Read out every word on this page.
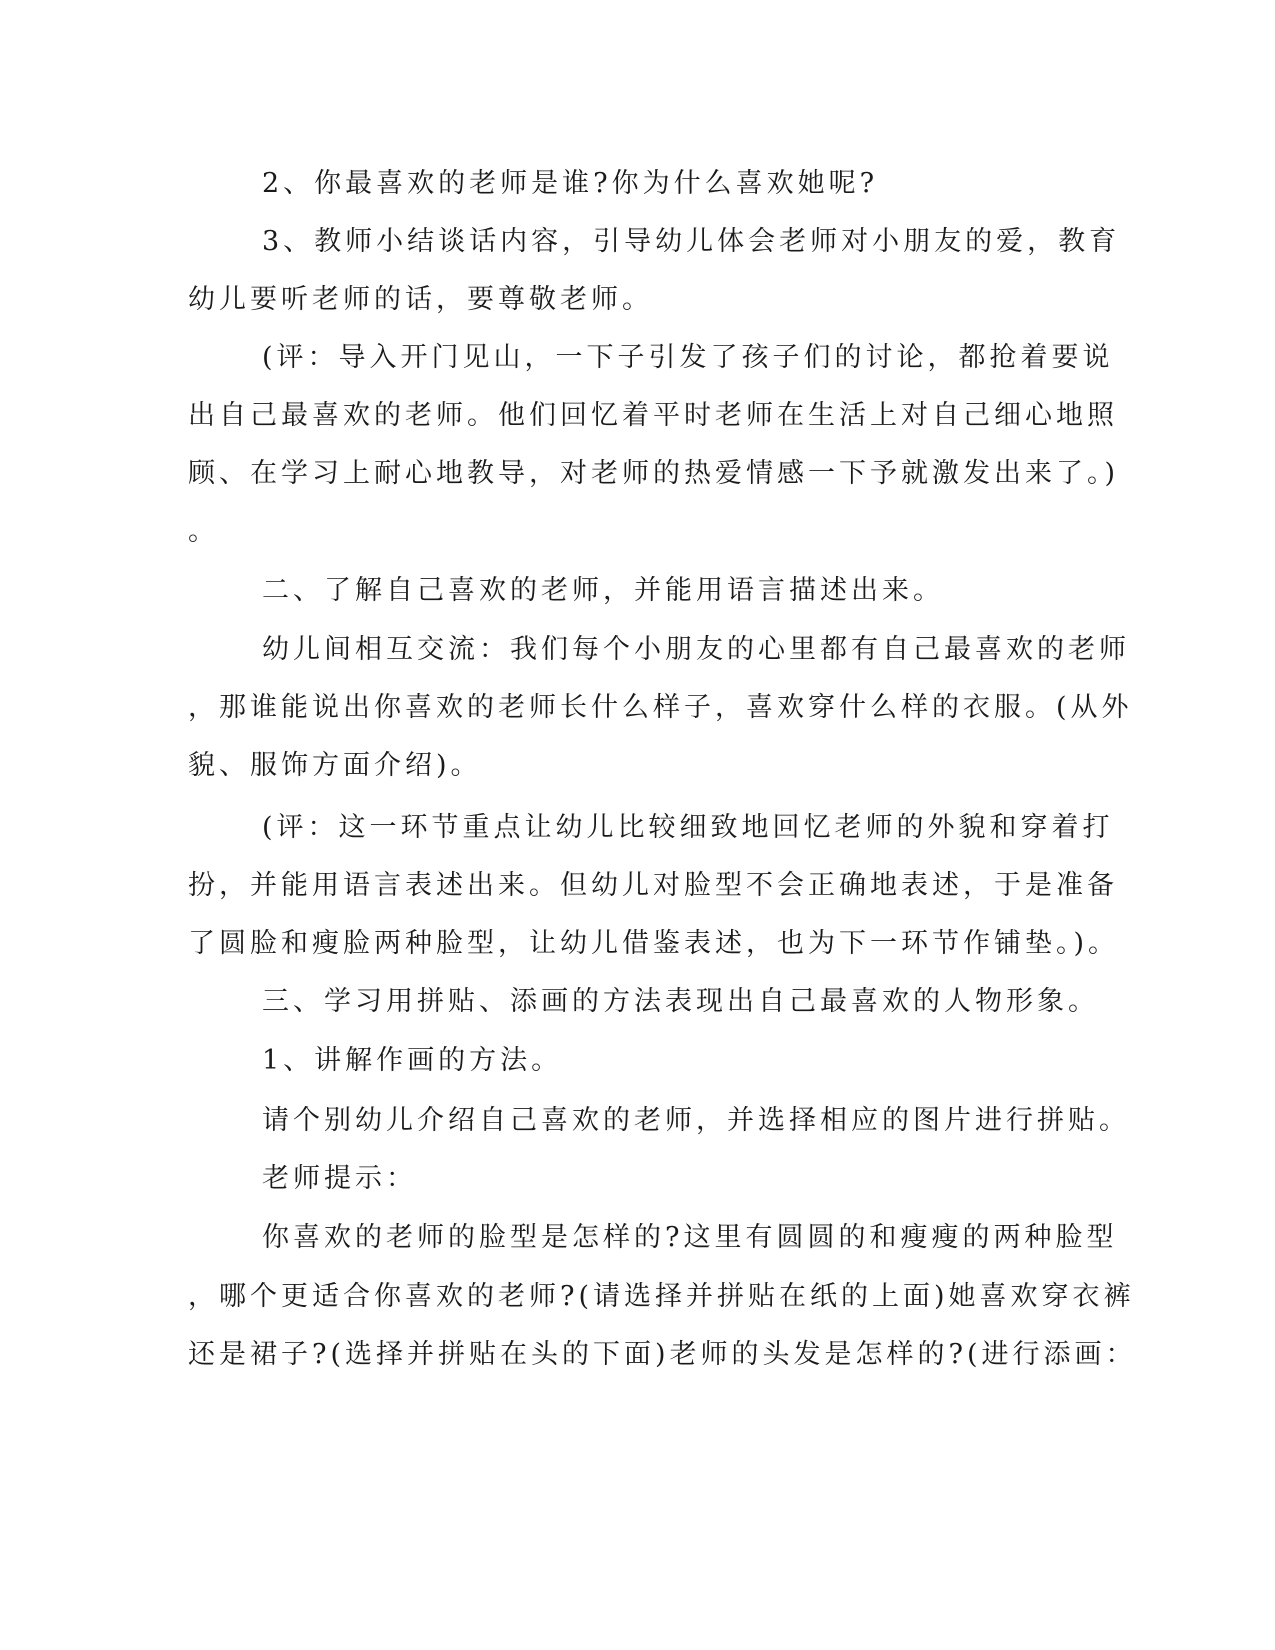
2、你最喜欢的老师是谁?你为什么喜欢她呢?
3、教师小结谈话内容，引导幼儿体会老师对小朋友的爱，教育
幼儿要听老师的话，要尊敬老师。
(评：导入开门见山，一下子引发了孩子们的讨论，都抢着要说
出自己最喜欢的老师。他们回忆着平时老师在生活上对自己细心地照
顾、在学习上耐心地教导，对老师的热爱情感一下予就激发出来了。)
。
二、了解自己喜欢的老师，并能用语言描述出来。
幼儿间相互交流：我们每个小朋友的心里都有自己最喜欢的老师
，那谁能说出你喜欢的老师长什么样子，喜欢穿什么样的衣服。(从外
貌、服饰方面介绍)。
(评：这一环节重点让幼儿比较细致地回忆老师的外貌和穿着打
扮，并能用语言表述出来。但幼儿对脸型不会正确地表述，于是准备
了圆脸和瘦脸两种脸型，让幼儿借鉴表述，也为下一环节作铺垫。)。
三、学习用拼贴、添画的方法表现出自己最喜欢的人物形象。
1、讲解作画的方法。
请个别幼儿介绍自己喜欢的老师，并选择相应的图片进行拼贴。
老师提示：
你喜欢的老师的脸型是怎样的?这里有圆圆的和瘦瘦的两种脸型
，哪个更适合你喜欢的老师?(请选择并拼贴在纸的上面)她喜欢穿衣裤
还是裙子?(选择并拼贴在头的下面)老师的头发是怎样的?(进行添画：
